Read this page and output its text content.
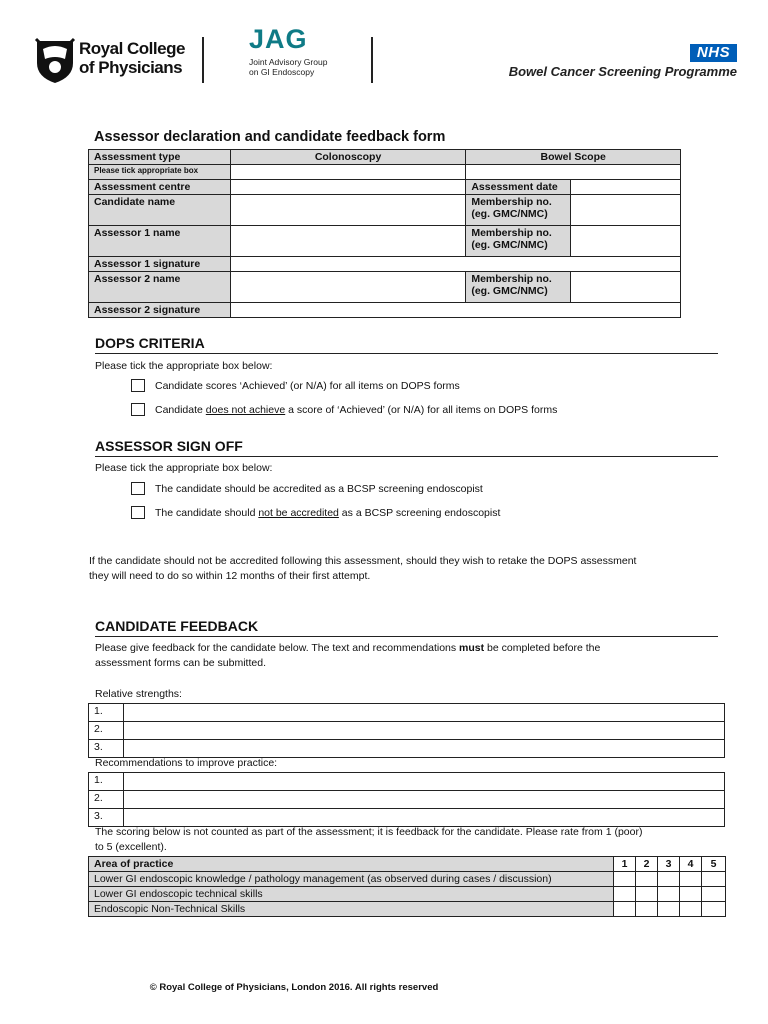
Royal College
of Physicians
JAG
Joint Advisory Group
on GI Endoscopy
NHS
Bowel Cancer Screening Programme
Assessor declaration and candidate feedback form
Assessment type	Colonoscopy	Bowel Scope	
Please tick appropriate box			
Assessment centre		Assessment date	
Candidate name		Membership no.
(eg. GMC/NMC)	

Assessor 1 name		Membership no.
(eg. GMC/NMC)	

Assessor 1 signature			
Assessor 2 name		Membership no.
(eg. GMC/NMC)	

Assessor 2 signature			
DOPS CRITERIA
Please tick the appropriate box below:
Candidate scores ‘Achieved’ (or N/A) for all items on DOPS forms
Candidate does not achieve a score of ‘Achieved’ (or N/A) for all items on DOPS forms
ASSESSOR SIGN OFF
Please tick the appropriate box below:
The candidate should be accredited as a BCSP screening endoscopist
The candidate should not be accredited as a BCSP screening endoscopist
If the candidate should not be accredited following this assessment, should they wish to retake the DOPS assessment
they will need to do so within 12 months of their first attempt.
CANDIDATE FEEDBACK
Please give feedback for the candidate below. The text and recommendations must be completed before the
assessment forms can be submitted.
Relative strengths:
1.	
2.	
3.	
Recommendations to improve practice:
1.	
2.	
3.	
The scoring below is not counted as part of the assessment; it is feedback for the candidate. Please rate from 1 (poor)
to 5 (excellent).
Area of practice	1	2	3	4	5
Lower GI endoscopic knowledge / pathology management (as observed during cases / discussion)					
Lower GI endoscopic technical skills					
Endoscopic Non-Technical Skills					
© Royal College of Physicians, London 2016. All rights reserved
